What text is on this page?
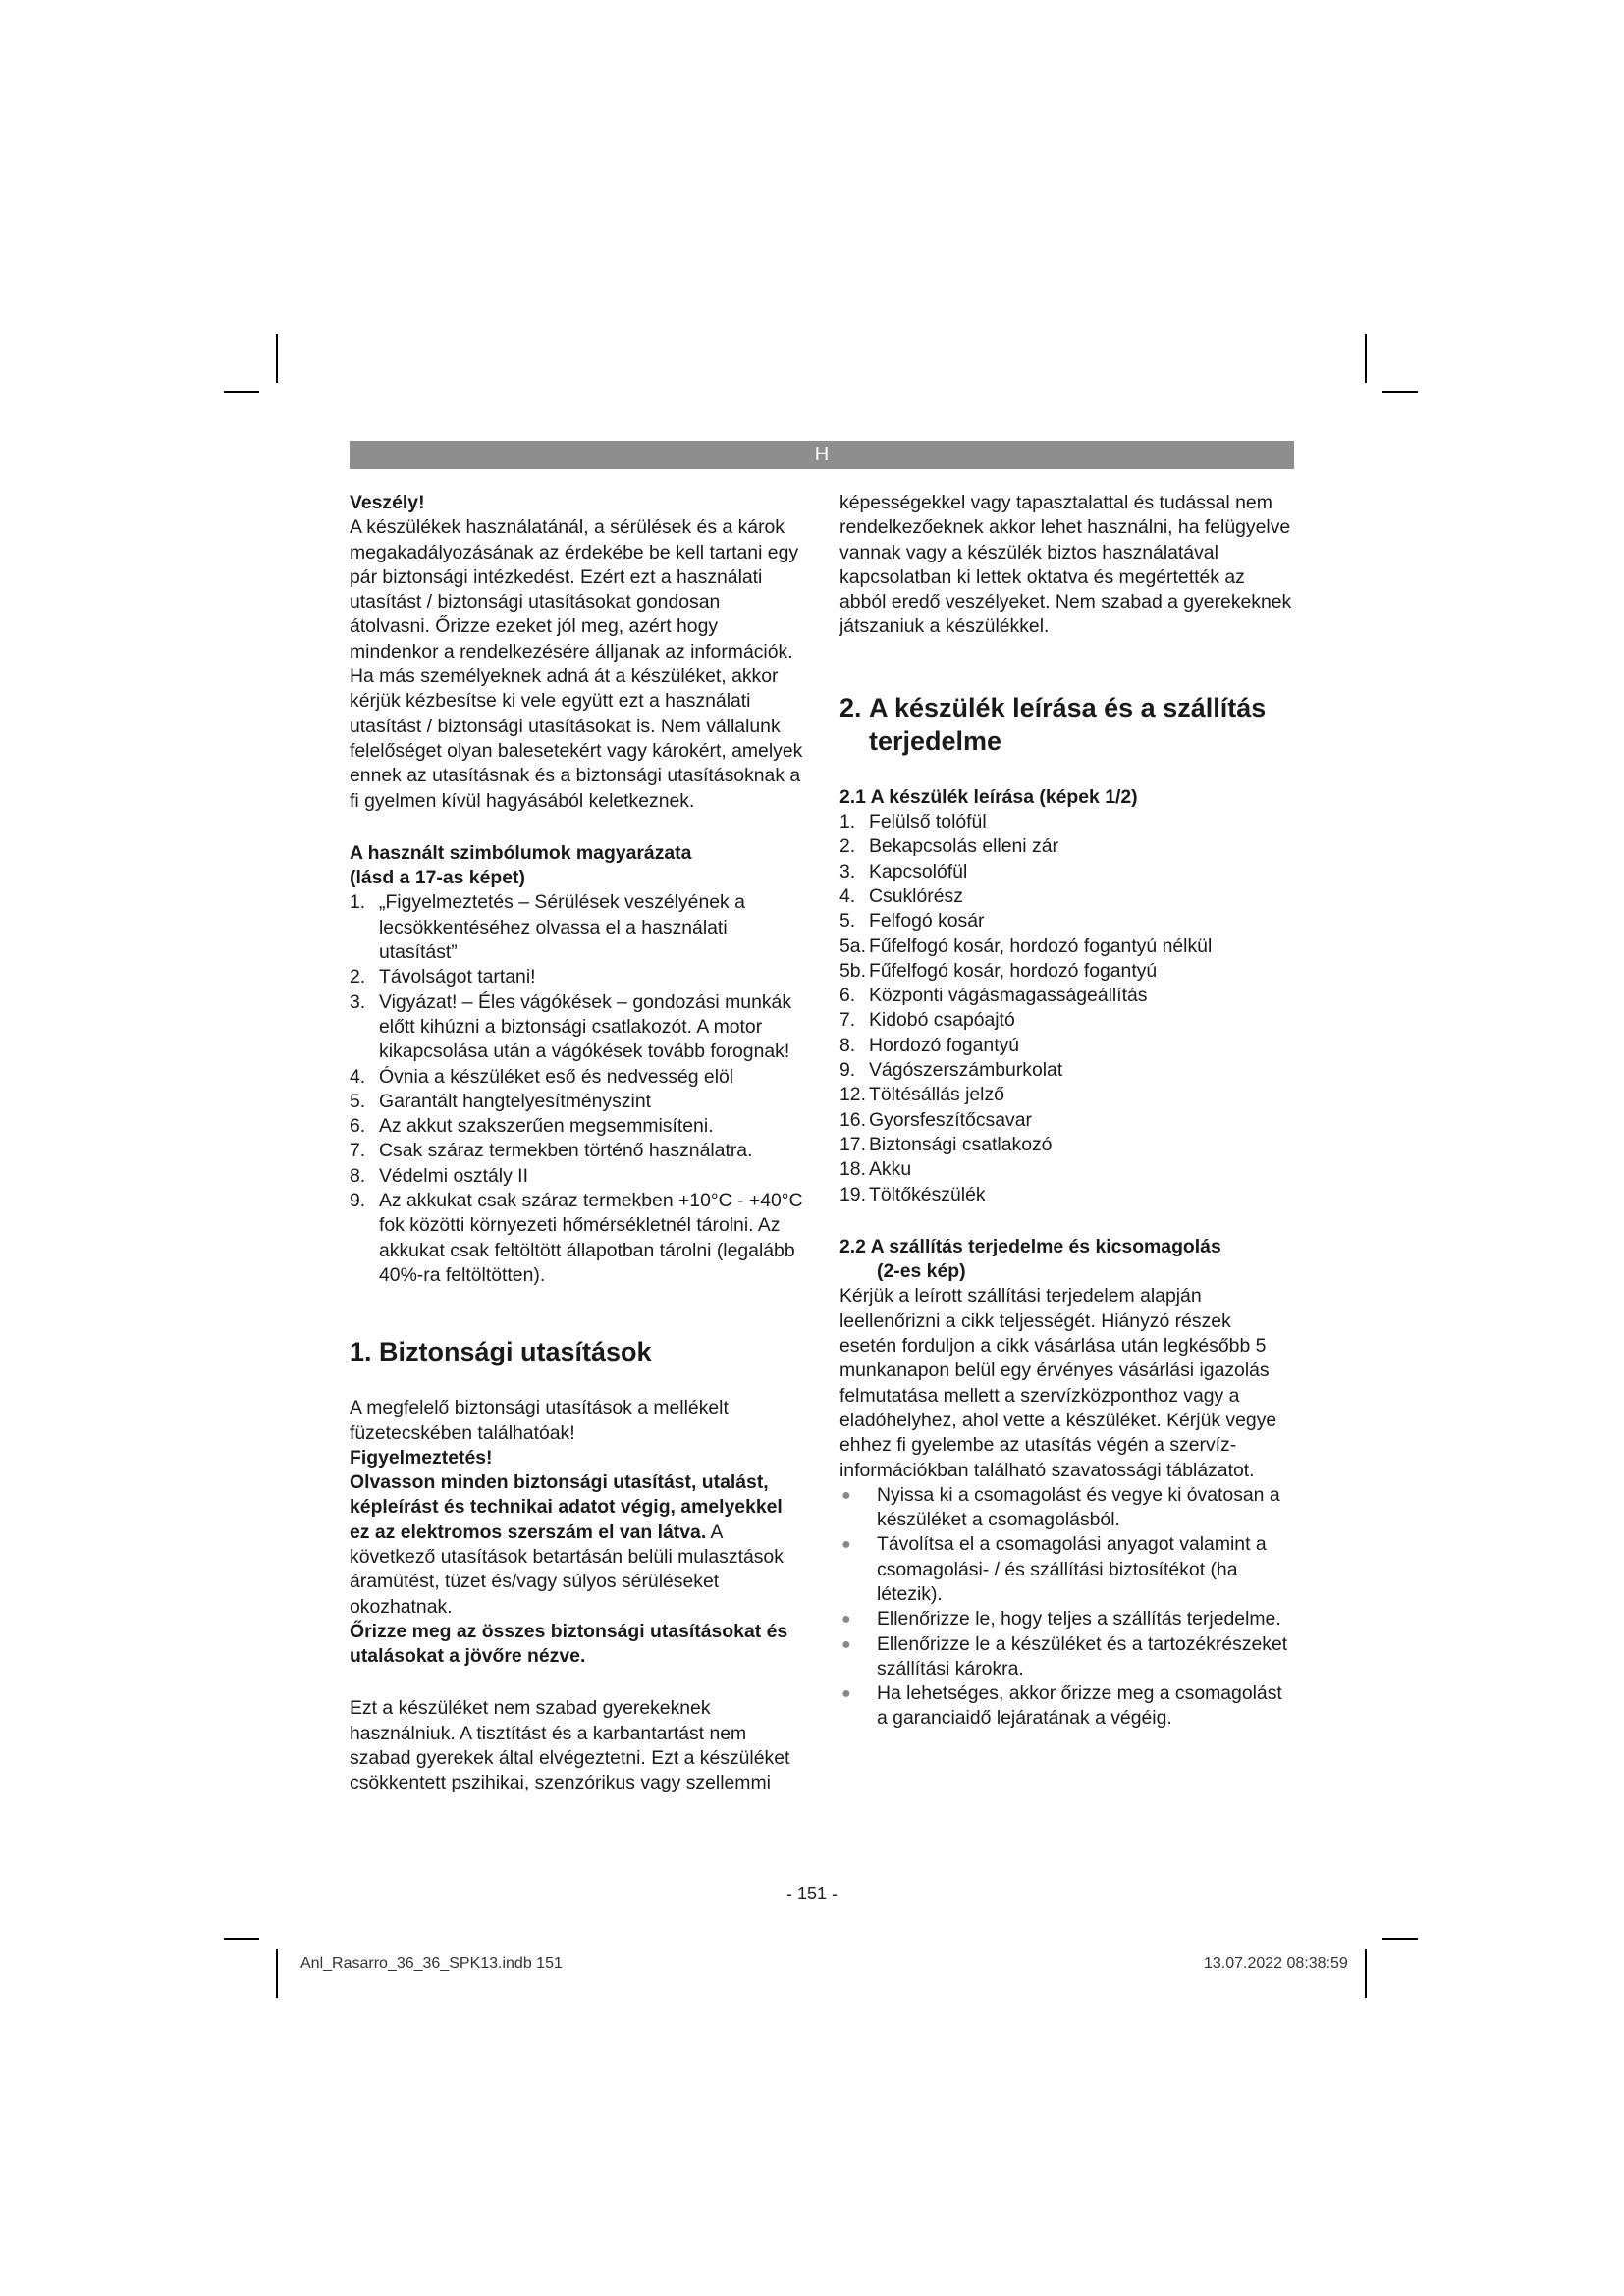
H

Veszély!

A készülékek használatánál, a sérülések és a károk megakadályozásának az érdekébe be kell tartani egy pár biztonsági intézkedést. Ezért ezt a használati utasítást / biztonsági utasításokat gondosan átolvasni. Őrizze ezeket jól meg, azért hogy mindenkor a rendelkezésére álljanak az információk. Ha más személyeknek adná át a készüléket, akkor kérjük kézbesítse ki vele együtt ezt a használati utasítást / biztonsági utasításokat is. Nem vállalunk felelőséget olyan balesetekért vagy károkért, amelyek ennek az utasításnak és a biztonsági utasításoknak a fi gyelmen kívül hagyásából keletkeznek.

A használt szimbólumok magyarázata

(lásd a 17-as képet)

1. „Figyelmeztetés – Sérülések veszélyének a lecsökkentéséhez olvassa el a használati utasítást”
2. Távolságot tartani!
3. Vigyázat! – Éles vágókések – gondozási munkák előtt kihúzni a biztonsági csatlakozót. A motor kikapcsolása után a vágókések tovább forognak!
4. Óvnia a készüléket eső és nedvesség elöl
5. Garantált hangtelyesítményszint
6. Az akkut szakszerűen megsemmisíteni.
7. Csak száraz termekben történő használatra.
8. Védelmi osztály II
9. Az akkukat csak száraz termekben +10°C - +40°C fok közötti környezeti hőmérsékletnél tárolni. Az akkukat csak feltöltött állapotban tárolni (legalább 40%-ra feltöltötten).
1. Biztonsági utasítások

A megfelelő biztonsági utasítások a mellékelt füzetecskében találhatóak!

Figyelmeztetés!

Olvasson minden biztonsági utasítást, utalást, képleírást és technikai adatot végig, amelyekkel ez az elektromos szerszám el van látva. A következő utasítások betartásán belüli mulasztások áramütést, tüzet és/vagy súlyos sérüléseket okozhatnak.

Őrizze meg az összes biztonsági utasításokat és utalásokat a jövőre nézve.

Ezt a készüléket nem szabad gyerekeknek használniuk. A tisztítást és a karbantartást nem szabad gyerekek által elvégeztetni. Ezt a készüléket csökkentett pszihikai, szenzórikus vagy szellemmi

képességekkel vagy tapasztalattal és tudással nem rendelkezőeknek akkor lehet használni, ha felügyelve vannak vagy a készülék biztos használatával kapcsolatban ki lettek oktatva és megértették az abból eredő veszélyeket. Nem szabad a gyerekeknek játszaniuk a készülékkel.

2. A készülék leírása és a szállítás
terjedelme

2.1 A készülék leírása (képek 1/2)

1. Felülső tolófül
2. Bekapcsolás elleni zár
3. Kapcsolófül
4. Csuklórész
5. Felfogó kosár
5a. Fűfelfogó kosár, hordozó fogantyú nélkül
5b. Fűfelfogó kosár, hordozó fogantyú
6. Központi vágásmagasságeállítás
7. Kidobó csapóajtó
8. Hordozó fogantyú
9. Vágószerszámburkolat
12. Töltésállás jelző
16. Gyorsfeszítőcsavar
17. Biztonsági csatlakozó
18. Akku
19. Töltőkészülék

2.2 A szállítás terjedelme és kicsomagolás

(2-es kép)

Kérjük a leírott szállítási terjedelem alapján leellenőrizni a cikk teljességét. Hiányzó részek esetén forduljon a cikk vásárlása után legkésőbb 5 munkanapon belül egy érvényes vásárlási igazolás felmutatása mellett a szervízközponthoz vagy a eladóhelyhez, ahol vette a készüléket. Kérjük vegye ehhez fi gyelembe az utasítás végén a szervíz-információkban található szavatossági táblázatot.

● Nyissa ki a csomagolást és vegye ki óvatosan a készüléket a csomagolásból.
● Távolítsa el a csomagolási anyagot valamint a csomagolási- / és szállítási biztosítékot (ha létezik).
● Ellenőrizze le, hogy teljes a szállítás terjedelme.
● Ellenőrizze le a készüléket és a tartozékrészeket szállítási károkra.
● Ha lehetséges, akkor őrizze meg a csomagolást a garanciaidő lejáratának a végéig.
- 151 -
Anl_Rasarro_36_36_SPK13.indb 151	13.07.2022 08:38:59
